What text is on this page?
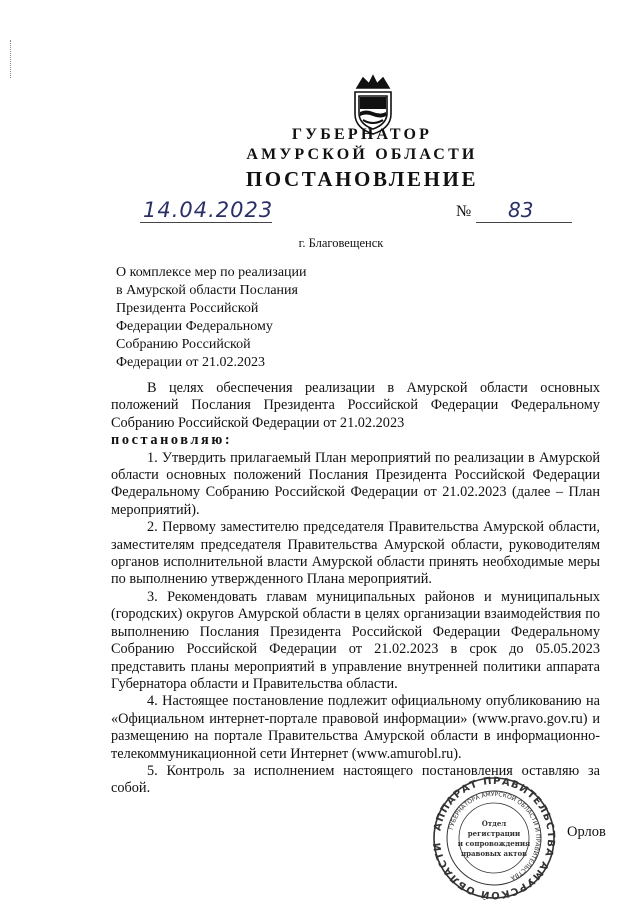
ГУБЕРНАТОР
АМУРСКОЙ ОБЛАСТИ
ПОСТАНОВЛЕНИЕ
14.04.2023	№ 83
г. Благовещенск
О комплексе мер по реализации
в Амурской области Послания
Президента Российской
Федерации Федеральному
Собранию Российской
Федерации от 21.02.2023

В целях обеспечения реализации в Амурской области основных положений Послания Президента Российской Федерации Федеральному Собранию Российской Федерации от 21.02.2023

постановляю:

1. Утвердить прилагаемый План мероприятий по реализации в Амурской области основных положений Послания Президента Российской Федерации Федеральному Собранию Российской Федерации от 21.02.2023 (далее – План мероприятий).

2. Первому заместителю председателя Правительства Амурской области, заместителям председателя Правительства Амурской области, руководителям органов исполнительной власти Амурской области принять необходимые меры по выполнению утвержденного Плана мероприятий.

3. Рекомендовать главам муниципальных районов и муниципальных (городских) округов Амурской области в целях организации взаимодействия по выполнению Послания Президента Российской Федерации Федеральному Собранию Российской Федерации от 21.02.2023 в срок до 05.05.2023 представить планы мероприятий в управление внутренней политики аппарата Губернатора области и Правительства области.

4. Настоящее постановление подлежит официальному опубликованию на «Официальном интернет-портале правовой информации» (www.pravo.gov.ru) и размещению на портале Правительства Амурской области в информационно-телекоммуникационной сети Интернет (www.amurobl.ru).

5. Контроль за исполнением настоящего постановления оставляю за собой.

АППАРАТ ПРАВИТЕЛЬСТВА АМУРСКОЙ ОБЛАСТИ
ГУБЕРНАТОРА АМУРСКОЙ ОБЛАСТИ И ПРАВИТЕЛЬСТВА
Отдел
регистрации
и сопровождения
правовых актов
Орлов
